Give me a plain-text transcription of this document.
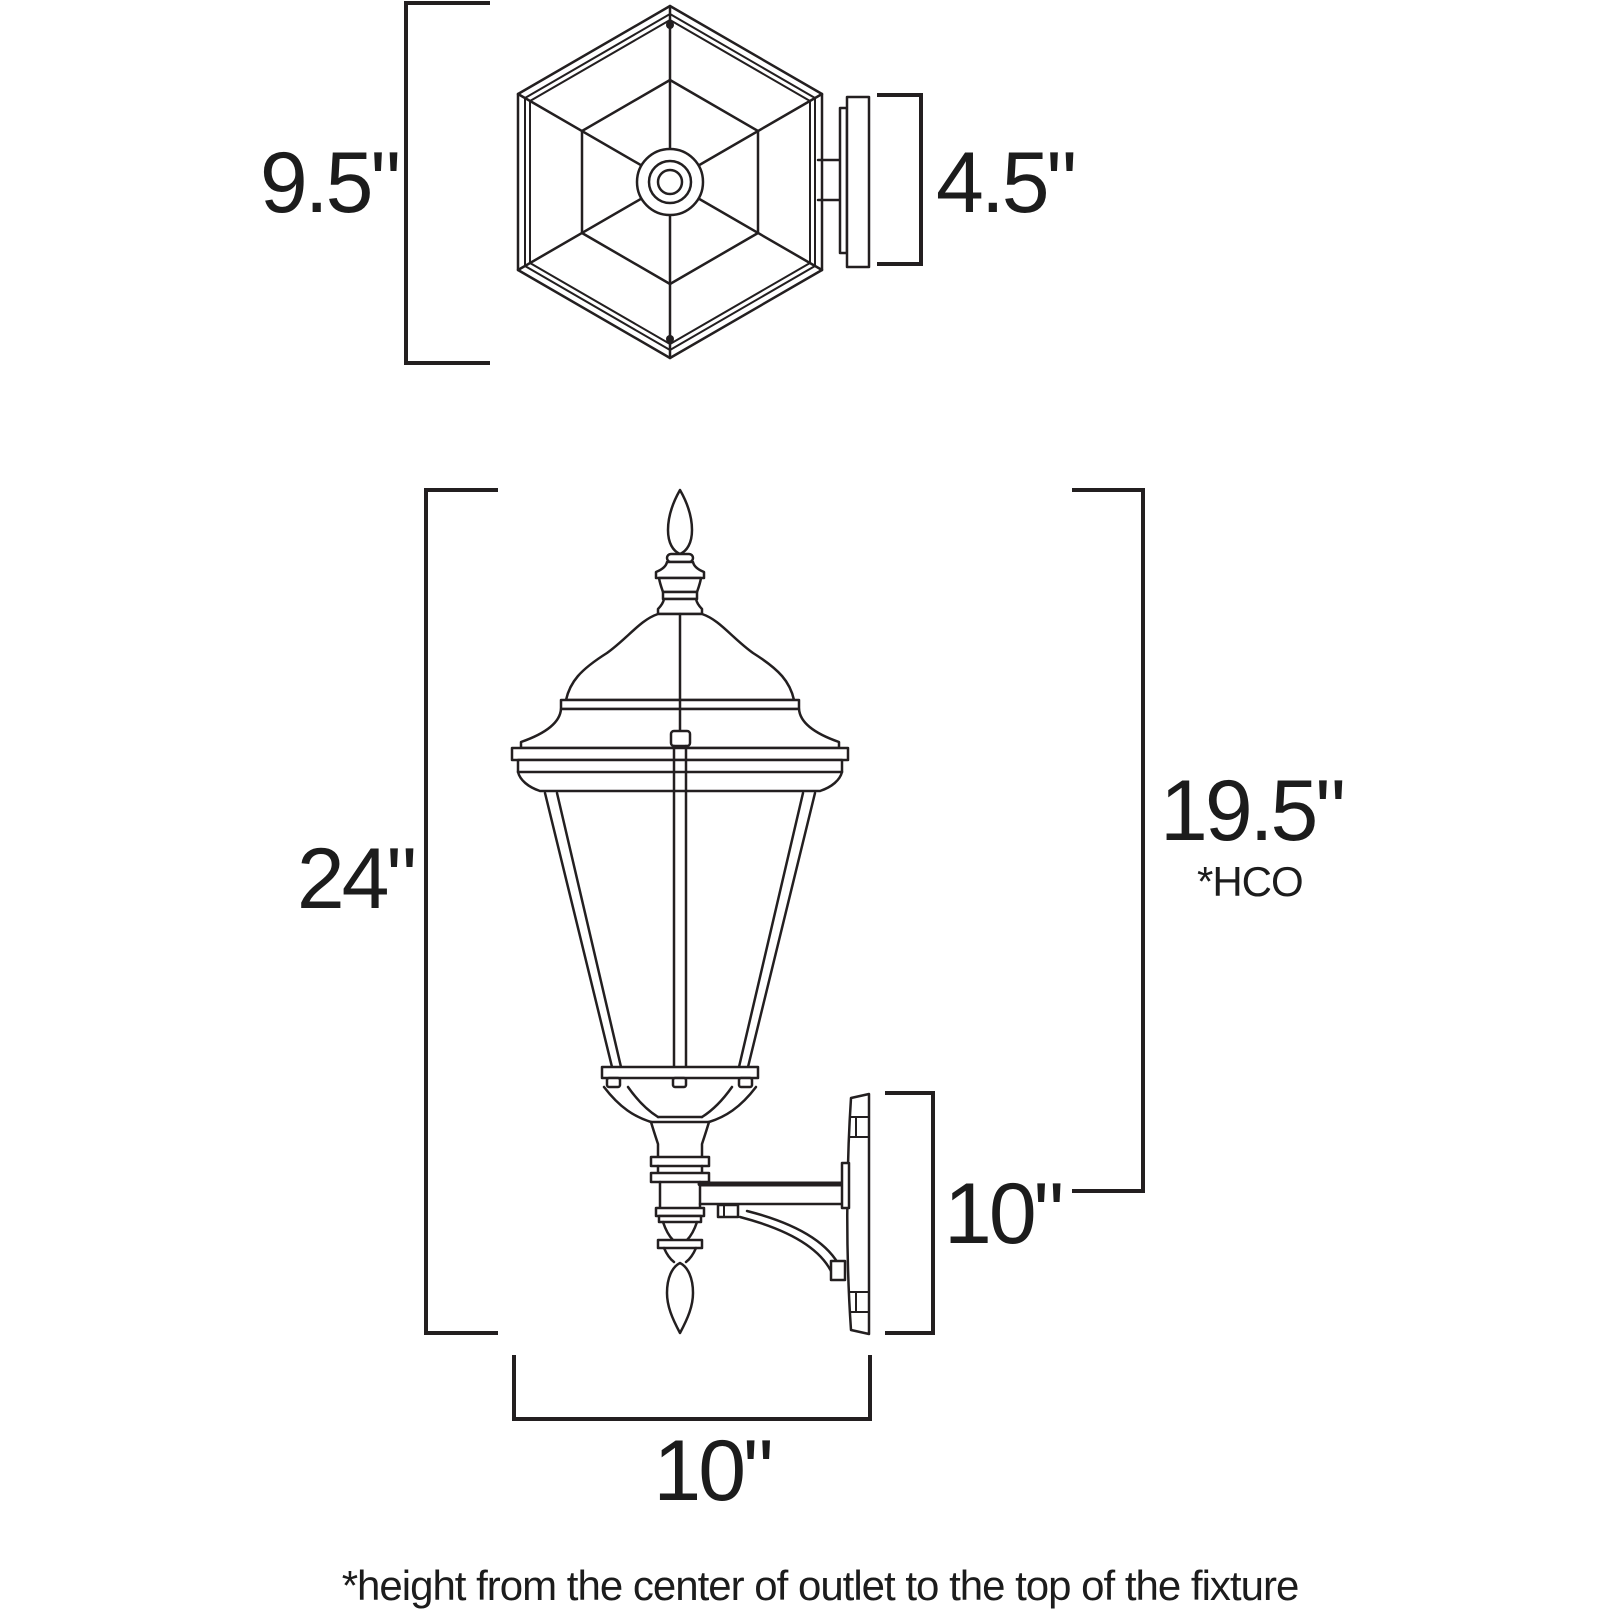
9.5"	4.5"
24"
19.5"
*HCO
10"
10"
*height from the center of outlet to the top of the fixture
